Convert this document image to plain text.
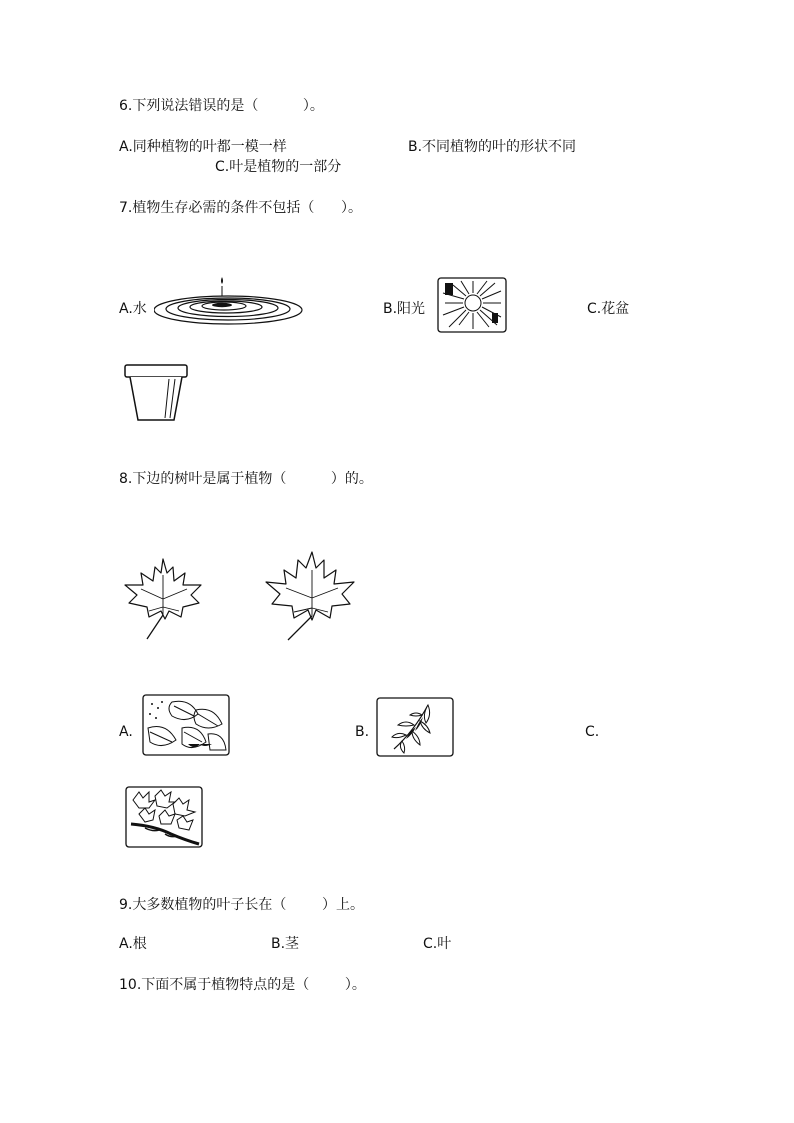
6.下列说法错误的是（          ）。
A.同种植物的叶都一模一样	B.不同植物的叶的形状不同
C.叶是植物的一部分
7.植物生存必需的条件不包括（      ）。
A.水	B.阳光	C.花盆
8.下边的树叶是属于植物（          ）的。
A.	B.	C.
9.大多数植物的叶子长在（        ）上。
A.根	B.茎	C.叶
10.下面不属于植物特点的是（        ）。
